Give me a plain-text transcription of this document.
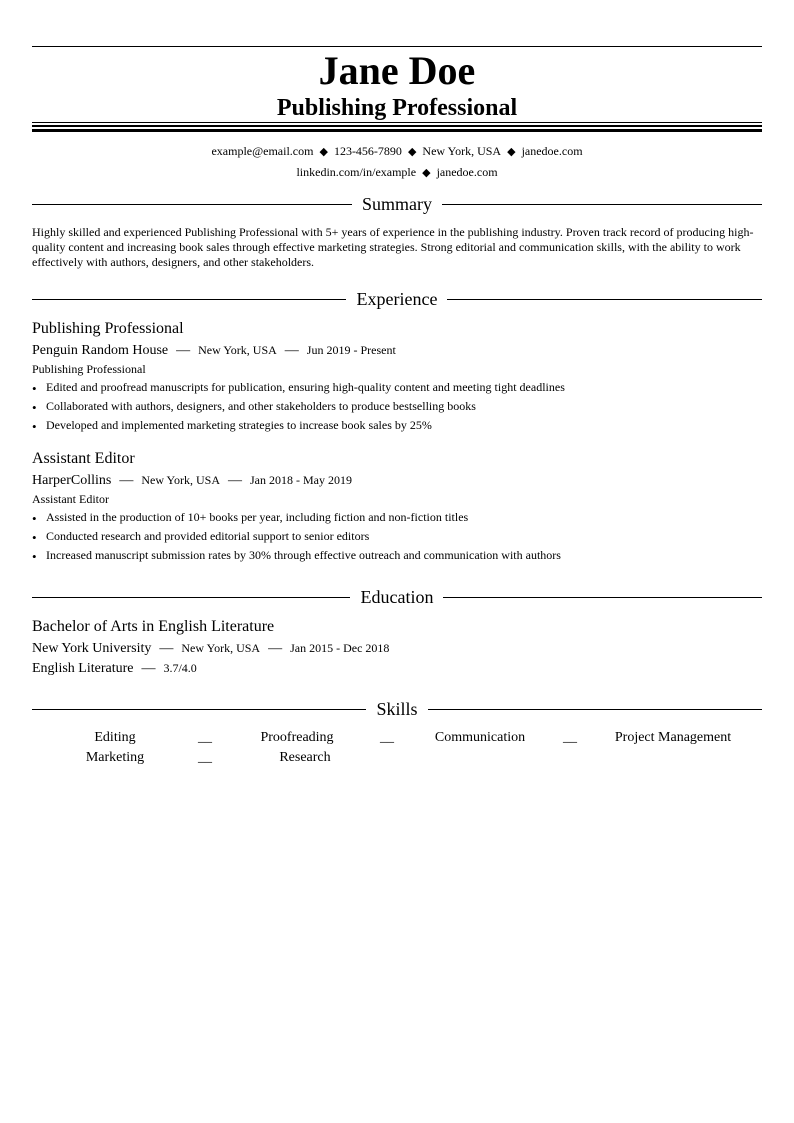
Jane Doe
Publishing Professional
example@email.com ◆ 123-456-7890 ◆ New York, USA ◆ janedoe.com
linkedin.com/in/example ◆ janedoe.com
Summary
Highly skilled and experienced Publishing Professional with 5+ years of experience in the publishing industry. Proven track record of producing high-quality content and increasing book sales through effective marketing strategies. Strong editorial and communication skills, with the ability to work effectively with authors, designers, and other stakeholders.
Experience
Publishing Professional
Penguin Random House — New York, USA — Jun 2019 - Present
Publishing Professional
• Edited and proofread manuscripts for publication, ensuring high-quality content and meeting tight deadlines
• Collaborated with authors, designers, and other stakeholders to produce bestselling books
• Developed and implemented marketing strategies to increase book sales by 25%
Assistant Editor
HarperCollins — New York, USA — Jan 2018 - May 2019
Assistant Editor
• Assisted in the production of 10+ books per year, including fiction and non-fiction titles
• Conducted research and provided editorial support to senior editors
• Increased manuscript submission rates by 30% through effective outreach and communication with authors
Education
Bachelor of Arts in English Literature
New York University — New York, USA — Jan 2015 - Dec 2018
English Literature — 3.7/4.0
Skills
Editing	__	Proofreading	__	Communication	__	Project Management
Marketing	__	Research
